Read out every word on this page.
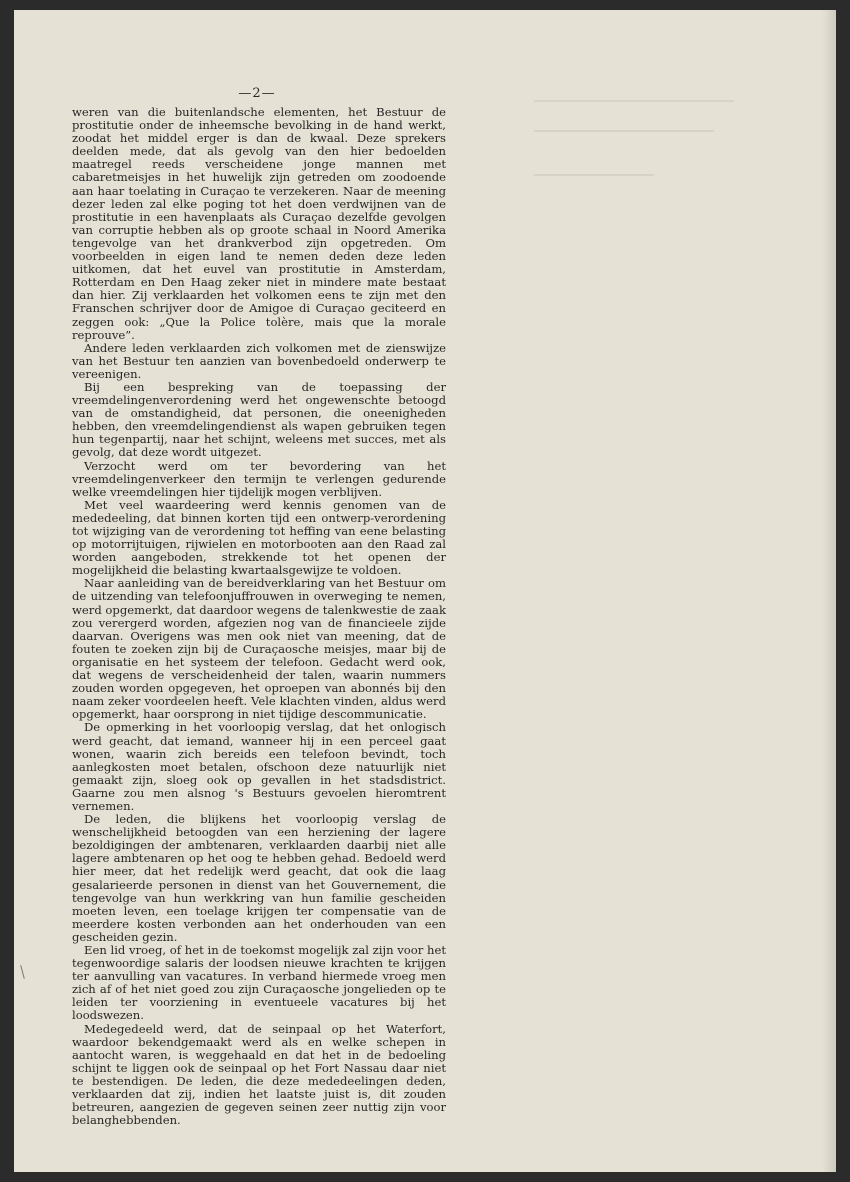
—2—

weren van die buitenlandsche elementen, het Bestuur de prostitutie onder de inheemsche bevolking in de hand werkt, zoodat het middel erger is dan de kwaal. Deze sprekers deelden mede, dat als gevolg van den hier bedoelden maatregel reeds verscheidene jonge mannen met cabaretmeisjes in het huwelijk zijn getreden om zoodoende aan haar toelating in Curaçao te verzekeren. Naar de meening dezer leden zal elke poging tot het doen verdwijnen van de prostitutie in een havenplaats als Curaçao dezelfde gevolgen van corruptie hebben als op groote schaal in Noord Amerika tengevolge van het drankverbod zijn opgetreden. Om voorbeelden in eigen land te nemen deden deze leden uitkomen, dat het euvel van prostitutie in Amsterdam, Rotterdam en Den Haag zeker niet in mindere mate bestaat dan hier. Zij verklaarden het volkomen eens te zijn met den Franschen schrijver door de Amigoe di Curaçao geciteerd en zeggen ook: „Que la Police tolère, mais que la morale reprouve”.

Andere leden verklaarden zich volkomen met de zienswijze van het Bestuur ten aanzien van bovenbedoeld onderwerp te vereenigen.

Bij een bespreking van de toepassing der vreemdelingenverordening werd het ongewenschte betoogd van de omstandigheid, dat personen, die oneenigheden hebben, den vreemdelingendienst als wapen gebruiken tegen hun tegenpartij, naar het schijnt, weleens met succes, met als gevolg, dat deze wordt uitgezet.

Verzocht werd om ter bevordering van het vreemdelingenverkeer den termijn te verlengen gedurende welke vreemdelingen hier tijdelijk mogen verblijven.

Met veel waardeering werd kennis genomen van de mededeeling, dat binnen korten tijd een ontwerp-verordening tot wijziging van de verordening tot heffing van eene belasting op motorrijtuigen, rijwielen en motorbooten aan den Raad zal worden aangeboden, strekkende tot het openen der mogelijkheid die belasting kwartaalsgewijze te voldoen.

Naar aanleiding van de bereidverklaring van het Bestuur om de uitzending van telefoonjuffrouwen in overweging te nemen, werd opgemerkt, dat daardoor wegens de talenkwestie de zaak zou verergerd worden, afgezien nog van de financieele zijde daarvan. Overigens was men ook niet van meening, dat de fouten te zoeken zijn bij de Curaçaosche meisjes, maar bij de organisatie en het systeem der telefoon. Gedacht werd ook, dat wegens de verscheidenheid der talen, waarin nummers zouden worden opgegeven, het oproepen van abonnés bij den naam zeker voordeelen heeft. Vele klachten vinden, aldus werd opgemerkt, haar oorsprong in niet tijdige descommunicatie.

De opmerking in het voorloopig verslag, dat het onlogisch werd geacht, dat iemand, wanneer hij in een perceel gaat wonen, waarin zich bereids een telefoon bevindt, toch aanlegkosten moet betalen, ofschoon deze natuurlijk niet gemaakt zijn, sloeg ook op gevallen in het stadsdistrict. Gaarne zou men alsnog 's Bestuurs gevoelen hieromtrent vernemen.

De leden, die blijkens het voorloopig verslag de wenschelijkheid betoogden van een herziening der lagere bezoldigingen der ambtenaren, verklaarden daarbij niet alle lagere ambtenaren op het oog te hebben gehad. Bedoeld werd hier meer, dat het redelijk werd geacht, dat ook die laag gesalarieerde personen in dienst van het Gouvernement, die tengevolge van hun werkkring van hun familie gescheiden moeten leven, een toelage krijgen ter compensatie van de meerdere kosten verbonden aan het onderhouden van een gescheiden gezin.

Een lid vroeg, of het in de toekomst mogelijk zal zijn voor het tegenwoordige salaris der loodsen nieuwe krachten te krijgen ter aanvulling van vacatures. In verband hiermede vroeg men zich af of het niet goed zou zijn Curaçaosche jongelieden op te leiden ter voorziening in eventueele vacatures bij het loodswezen.

Medegedeeld werd, dat de seinpaal op het Waterfort, waardoor bekendgemaakt werd als en welke schepen in aantocht waren, is weggehaald en dat het in de bedoeling schijnt te liggen ook de seinpaal op het Fort Nassau daar niet te bestendigen. De leden, die deze mededeelingen deden, verklaarden dat zij, indien het laatste juist is, dit zouden betreuren, aangezien de gegeven seinen zeer nuttig zijn voor belanghebbenden.
